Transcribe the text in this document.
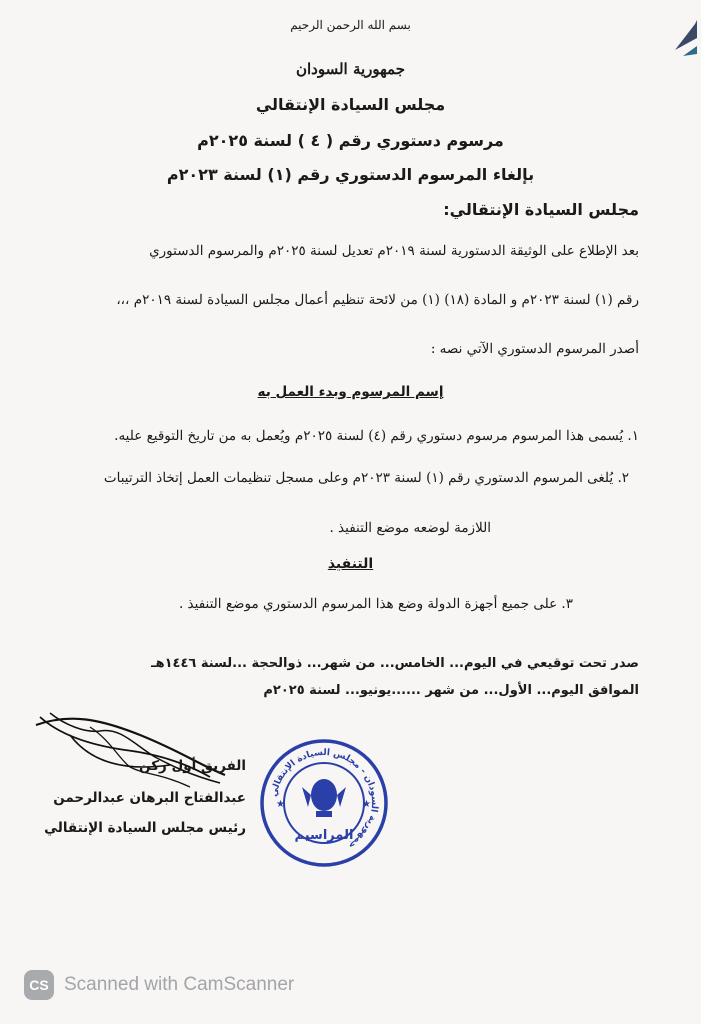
بسم الله الرحمن الرحيم
جمهورية السودان
مجلس السيادة الإنتقالي
مرسوم دستوري رقم ( ٤ ) لسنة ٢٠٢٥م
بإلغاء المرسوم الدستوري رقم (١) لسنة ٢٠٢٣م
مجلس السيادة الإنتقالي:
بعد الإطلاع على الوثيقة الدستورية لسنة ٢٠١٩م تعديل لسنة ٢٠٢٥م والمرسوم الدستوري
رقم (١) لسنة ٢٠٢٣م و المادة (١٨) (١) من لائحة تنظيم أعمال مجلس السيادة لسنة ٢٠١٩م ،،،
أصدر المرسوم الدستوري الآتي نصه :
إسم المرسوم وبدء العمل به
١. يُسمى هذا المرسوم مرسوم دستوري رقم (٤) لسنة ٢٠٢٥م ويُعمل به من تاريخ التوقيع عليه.
٢. يُلغى المرسوم الدستوري رقم (١) لسنة ٢٠٢٣م وعلى مسجل تنظيمات العمل إتخاذ الترتيبات
اللازمة لوضعه موضع التنفيذ .
التنفيذ
٣. على جميع أجهزة الدولة وضع هذا المرسوم الدستوري موضع التنفيذ .
صدر تحت توقيعي في اليوم... الخامس... من شهر... ذوالحجة ...لسنة ١٤٤٦هـ
الموافق اليوم... الأول... من شهر ......يونيو... لسنة ٢٠٢٥م
الفريق أول ركن
عبدالفتاح البرهان عبدالرحمن
رئيس مجلس السيادة الإنتقالي
جمهورية السودان - مجلس السيادة الإنتقالي
★	★
المراسيم
CS Scanned with CamScanner
